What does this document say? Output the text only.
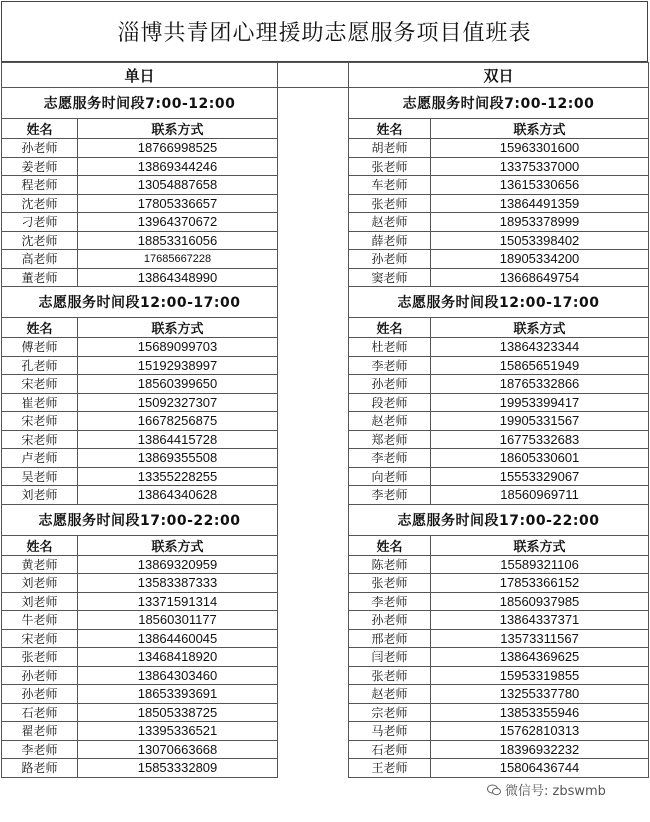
淄博共青团心理援助志愿服务项目值班表
单日			双日	
志愿服务时间段7:00-12:00			志愿服务时间段7:00-12:00	
姓名	联系方式		姓名	联系方式
孙老师	18766998525		胡老师	15963301600
姜老师	13869344246		张老师	13375337000
程老师	13054887658		车老师	13615330656
沈老师	17805336657		张老师	13864491359
刁老师	13964370672		赵老师	18953378999
沈老师	18853316056		薛老师	15053398402
高老师	17685667228		孙老师	18905334200
董老师	13864348990		窦老师	13668649754
志愿服务时间段12:00-17:00			志愿服务时间段12:00-17:00	
姓名	联系方式		姓名	联系方式
傅老师	15689099703		杜老师	13864323344
孔老师	15192938997		李老师	15865651949
宋老师	18560399650		孙老师	18765332866
崔老师	15092327307		段老师	19953399417
宋老师	16678256875		赵老师	19905331567
宋老师	13864415728		郑老师	16775332683
卢老师	13869355508		李老师	18605330601
吴老师	13355228255		向老师	15553329067
刘老师	13864340628		李老师	18560969711
志愿服务时间段17:00-22:00			志愿服务时间段17:00-22:00	
姓名	联系方式		姓名	联系方式
黄老师	13869320959		陈老师	15589321106
刘老师	13583387333		张老师	17853366152
刘老师	13371591314		李老师	18560937985
牛老师	18560301177		孙老师	13864337371
宋老师	13864460045		邢老师	13573311567
张老师	13468418920		闫老师	13864369625
孙老师	13864303460		张老师	15953319855
孙老师	18653393691		赵老师	13255337780
石老师	18505338725		宗老师	13853355946
翟老师	13395336521		马老师	15762810313
李老师	13070663668		石老师	18396932232
路老师	15853332809		王老师	15806436744
微信号: zbswmb
